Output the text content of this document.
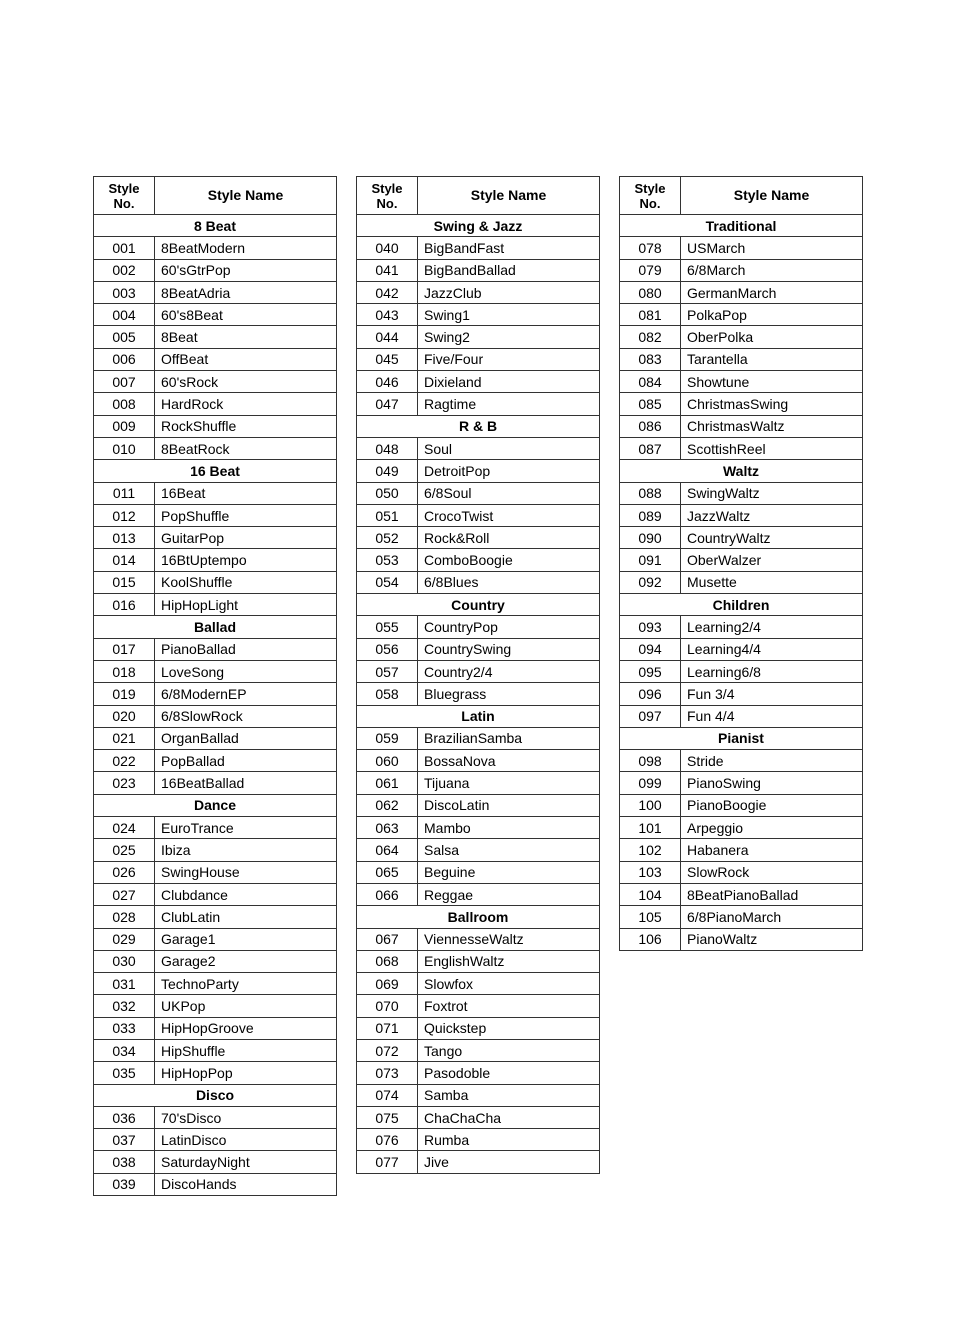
Style
No.	Style Name
8 Beat	
001	8BeatModern
002	60'sGtrPop
003	8BeatAdria
004	60's8Beat
005	8Beat
006	OffBeat
007	60'sRock
008	HardRock
009	RockShuffle
010	8BeatRock
16 Beat	
011	16Beat
012	PopShuffle
013	GuitarPop
014	16BtUptempo
015	KoolShuffle
016	HipHopLight
Ballad	
017	PianoBallad
018	LoveSong
019	6/8ModernEP
020	6/8SlowRock
021	OrganBallad
022	PopBallad
023	16BeatBallad
Dance	
024	EuroTrance
025	Ibiza
026	SwingHouse
027	Clubdance
028	ClubLatin
029	Garage1
030	Garage2
031	TechnoParty
032	UKPop
033	HipHopGroove
034	HipShuffle
035	HipHopPop
Disco	
036	70'sDisco
037	LatinDisco
038	SaturdayNight
039	DiscoHands
Style
No.	Style Name
Swing & Jazz	
040	BigBandFast
041	BigBandBallad
042	JazzClub
043	Swing1
044	Swing2
045	Five/Four
046	Dixieland
047	Ragtime
R & B	
048	Soul
049	DetroitPop
050	6/8Soul
051	CrocoTwist
052	Rock&Roll
053	ComboBoogie
054	6/8Blues
Country	
055	CountryPop
056	CountrySwing
057	Country2/4
058	Bluegrass
Latin	
059	BrazilianSamba
060	BossaNova
061	Tijuana
062	DiscoLatin
063	Mambo
064	Salsa
065	Beguine
066	Reggae
Ballroom	
067	ViennesseWaltz
068	EnglishWaltz
069	Slowfox
070	Foxtrot
071	Quickstep
072	Tango
073	Pasodoble
074	Samba
075	ChaChaCha
076	Rumba
077	Jive
Style
No.	Style Name
Traditional	
078	USMarch
079	6/8March
080	GermanMarch
081	PolkaPop
082	OberPolka
083	Tarantella
084	Showtune
085	ChristmasSwing
086	ChristmasWaltz
087	ScottishReel
Waltz	
088	SwingWaltz
089	JazzWaltz
090	CountryWaltz
091	OberWalzer
092	Musette
Children	
093	Learning2/4
094	Learning4/4
095	Learning6/8
096	Fun 3/4
097	Fun 4/4
Pianist	
098	Stride
099	PianoSwing
100	PianoBoogie
101	Arpeggio
102	Habanera
103	SlowRock
104	8BeatPianoBallad
105	6/8PianoMarch
106	PianoWaltz
